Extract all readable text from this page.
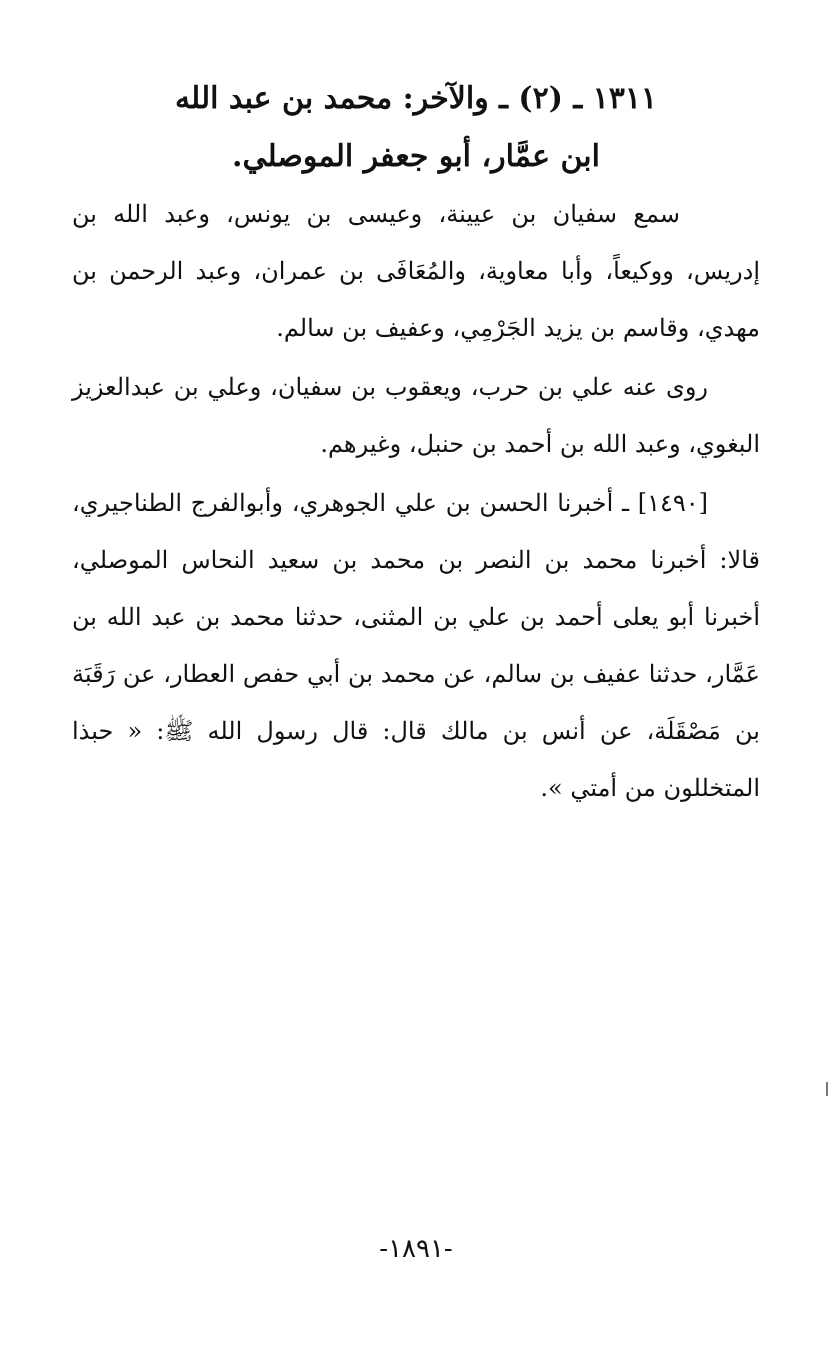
١٣١١ ـ (٢) ـ والآخر: محمد بن عبد الله
ابن عمَّار، أبو جعفر الموصلي.

سمع سفيان بن عيينة، وعيسى بن يونس، وعبد الله بن إدريس، ووكيعاً، وأبا معاوية، والمُعَافَى بن عمران، وعبد الرحمن بن مهدي، وقاسم بن يزيد الجَرْمِي، وعفيف بن سالم.

روى عنه علي بن حرب، ويعقوب بن سفيان، وعلي بن عبدالعزيز البغوي، وعبد الله بن أحمد بن حنبل، وغيرهم.

[١٤٩٠] ـ أخبرنا الحسن بن علي الجوهري، وأبوالفرج الطناجيري، قالا: أخبرنا محمد بن النصر بن محمد بن سعيد النحاس الموصلي، أخبرنا أبو يعلى أحمد بن علي بن المثنى، حدثنا محمد بن عبد الله بن عَمَّار، حدثنا عفيف بن سالم، عن محمد بن أبي حفص العطار، عن رَقَبَة بن مَصْقَلَة، عن أنس بن مالك قال: قال رسول الله ﷺ: « حبذا المتخللون من أمتي ».

-١٨٩١-
